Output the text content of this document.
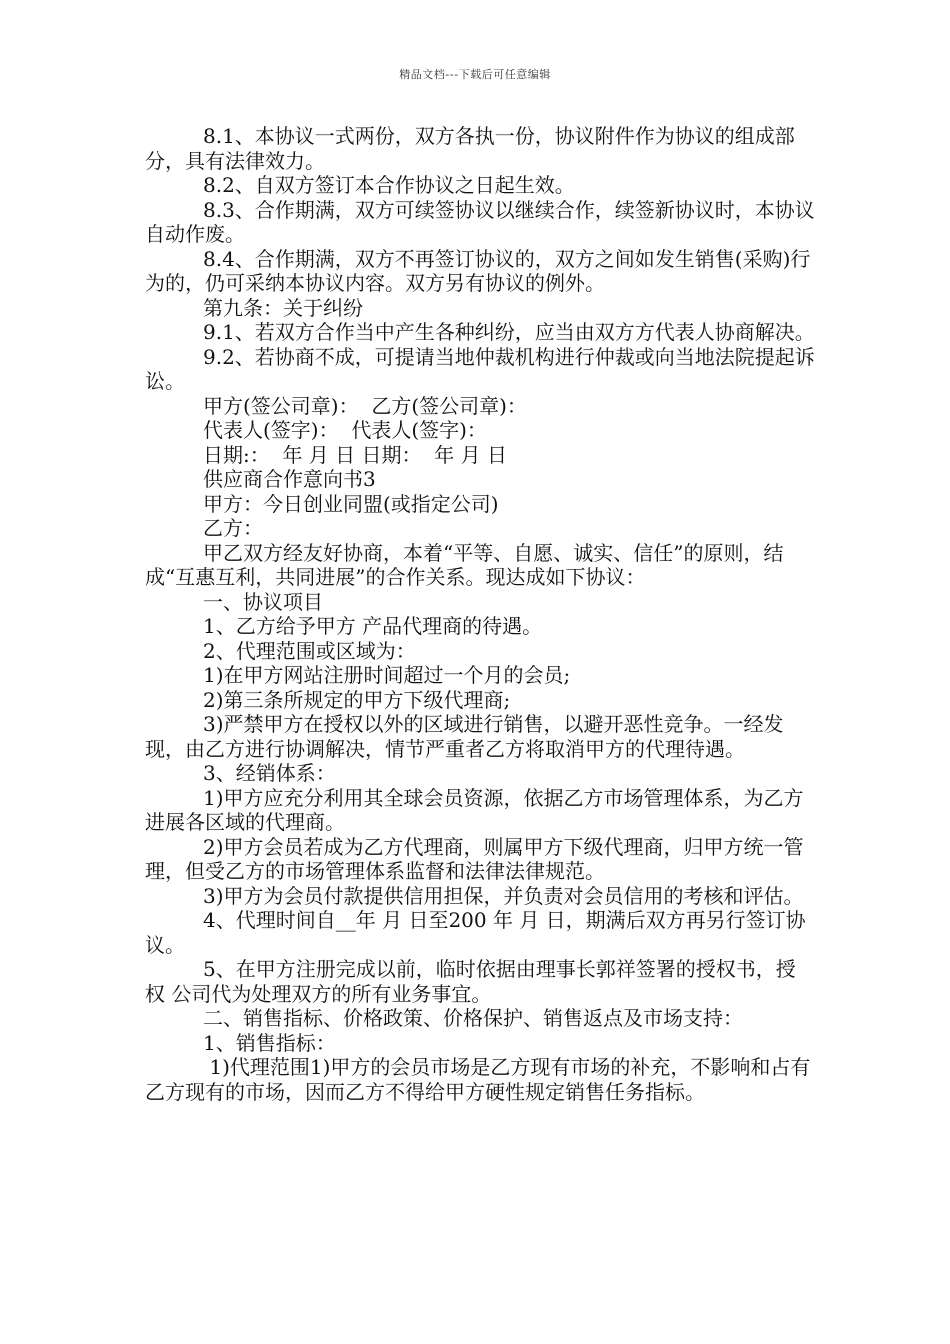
精品文档---下载后可任意编辑

8.1、本协议一式两份，双方各执一份，协议附件作为协议的组成部分，具有法律效力。

8.2、自双方签订本合作协议之日起生效。

8.3、合作期满，双方可续签协议以继续合作，续签新协议时，本协议自动作废。

8.4、合作期满，双方不再签订协议的，双方之间如发生销售(采购)行为的，仍可采纳本协议内容。双方另有协议的例外。

第九条：关于纠纷

9.1、若双方合作当中产生各种纠纷，应当由双方方代表人协商解决。

9.2、若协商不成，可提请当地仲裁机构进行仲裁或向当地法院提起诉讼。

甲方(签公司章)：  乙方(签公司章)：

代表人(签字)：  代表人(签字)：

日期:：  年 月 日 日期：  年 月 日

供应商合作意向书3

甲方：今日创业同盟(或指定公司)

乙方：

甲乙双方经友好协商，本着“平等、自愿、诚实、信任”的原则，结成“互惠互利，共同进展”的合作关系。现达成如下协议：

一、协议项目

1、乙方给予甲方 产品代理商的待遇。

2、代理范围或区域为：

1)在甲方网站注册时间超过一个月的会员;

2)第三条所规定的甲方下级代理商;

3)严禁甲方在授权以外的区域进行销售，以避开恶性竞争。一经发现，由乙方进行协调解决，情节严重者乙方将取消甲方的代理待遇。

3、经销体系：

1)甲方应充分利用其全球会员资源，依据乙方市场管理体系，为乙方进展各区域的代理商。

2)甲方会员若成为乙方代理商，则属甲方下级代理商，归甲方统一管理，但受乙方的市场管理体系监督和法律法律规范。

3)甲方为会员付款提供信用担保，并负责对会员信用的考核和评估。

4、代理时间自__年 月 日至200 年 月 日，期满后双方再另行签订协议。

5、在甲方注册完成以前，临时依据由理事长郭祥签署的授权书，授权 公司代为处理双方的所有业务事宜。

二、销售指标、价格政策、价格保护、销售返点及市场支持：

1、销售指标：

1)代理范围1)甲方的会员市场是乙方现有市场的补充，不影响和占有乙方现有的市场，因而乙方不得给甲方硬性规定销售任务指标。
